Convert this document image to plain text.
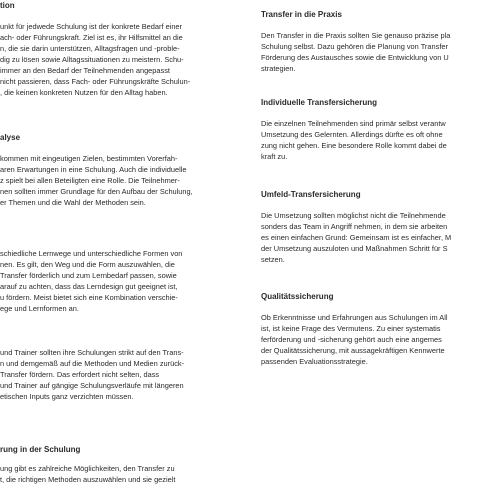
tion

unkt für jedwede Schulung ist der konkrete Bedarf einer
ach- oder Führungskraft. Ziel ist es, ihr Hilfsmittel an die
n, die sie darin unterstützen, Alltagsfragen und -proble-
dig zu lösen sowie Alltagssituationen zu meistern. Schu-
immer an den Bedarf der Teilnehmenden angepasst
nicht passieren, dass Fach- oder Führungskräfte Schulun-
, die keinen konkreten Nutzen für den Alltag haben.

alyse

kommen mit eingeutigen Zielen, bestimmten Vorerfah-
aren Erwartungen in eine Schulung. Auch die individuelle
z spielt bei allen Beteiligten eine Rolle. Die Teilnehmer-
nen sollten immer Grundlage für den Aufbau der Schulung,
er Themen und die Wahl der Methoden sein.
schiedliche Lernwege und unterschiedliche Formen von
nen. Es gilt, den Weg und die Form auszuwählen, die
Transfer förderlich und zum Lernbedarf passen, sowie
arauf zu achten, dass das Lerndesign gut geeignet ist,
u fördern. Meist bietet sich eine Kombination verschie-
ege und Lernformen an.
und Trainer sollten ihre Schulungen strikt auf den Trans-
n und demgemäß auf die Methoden und Medien zurück-
Transfer fördern. Das erfordert nicht selten, dass
und Trainer auf gängige Schulungsverläufe mit längeren
etischen Inputs ganz verzichten müssen.

rung in der Schulung

ung gibt es zahlreiche Möglichkeiten, den Transfer zu
t, die richtigen Methoden auszuwählen und sie gezielt

Transfer in die Praxis

Den Transfer in die Praxis sollten Sie genauso präzise pla
Schulung selbst. Dazu gehören die Planung von Transfer
Förderung des Austausches sowie die Entwicklung von U
strategien.

Individuelle Transfersicherung

Die einzelnen Teilnehmenden sind primär selbst verantw
Umsetzung des Gelernten. Allerdings dürfte es oft ohne
zung nicht gehen. Eine besondere Rolle kommt dabei de
kraft zu.

Umfeld-Transfersicherung

Die Umsetzung sollten möglichst nicht die Teilnehmende
sonders das Team in Angriff nehmen, in dem sie arbeiten
es einen einfachen Grund: Gemeinsam ist es einfacher, M
der Umsetzung auszuloten und Maßnahmen Schritt für S
setzen.

Qualitätssicherung

Ob Erkenntnisse und Erfahrungen aus Schulungen im All
ist, ist keine Frage des Vermutens. Zu einer systematis
ferförderung und -sicherung gehört auch eine angemes
der Qualitätssicherung, mit aussagekräftigen Kennwerte
passenden Evaluationsstrategie.
